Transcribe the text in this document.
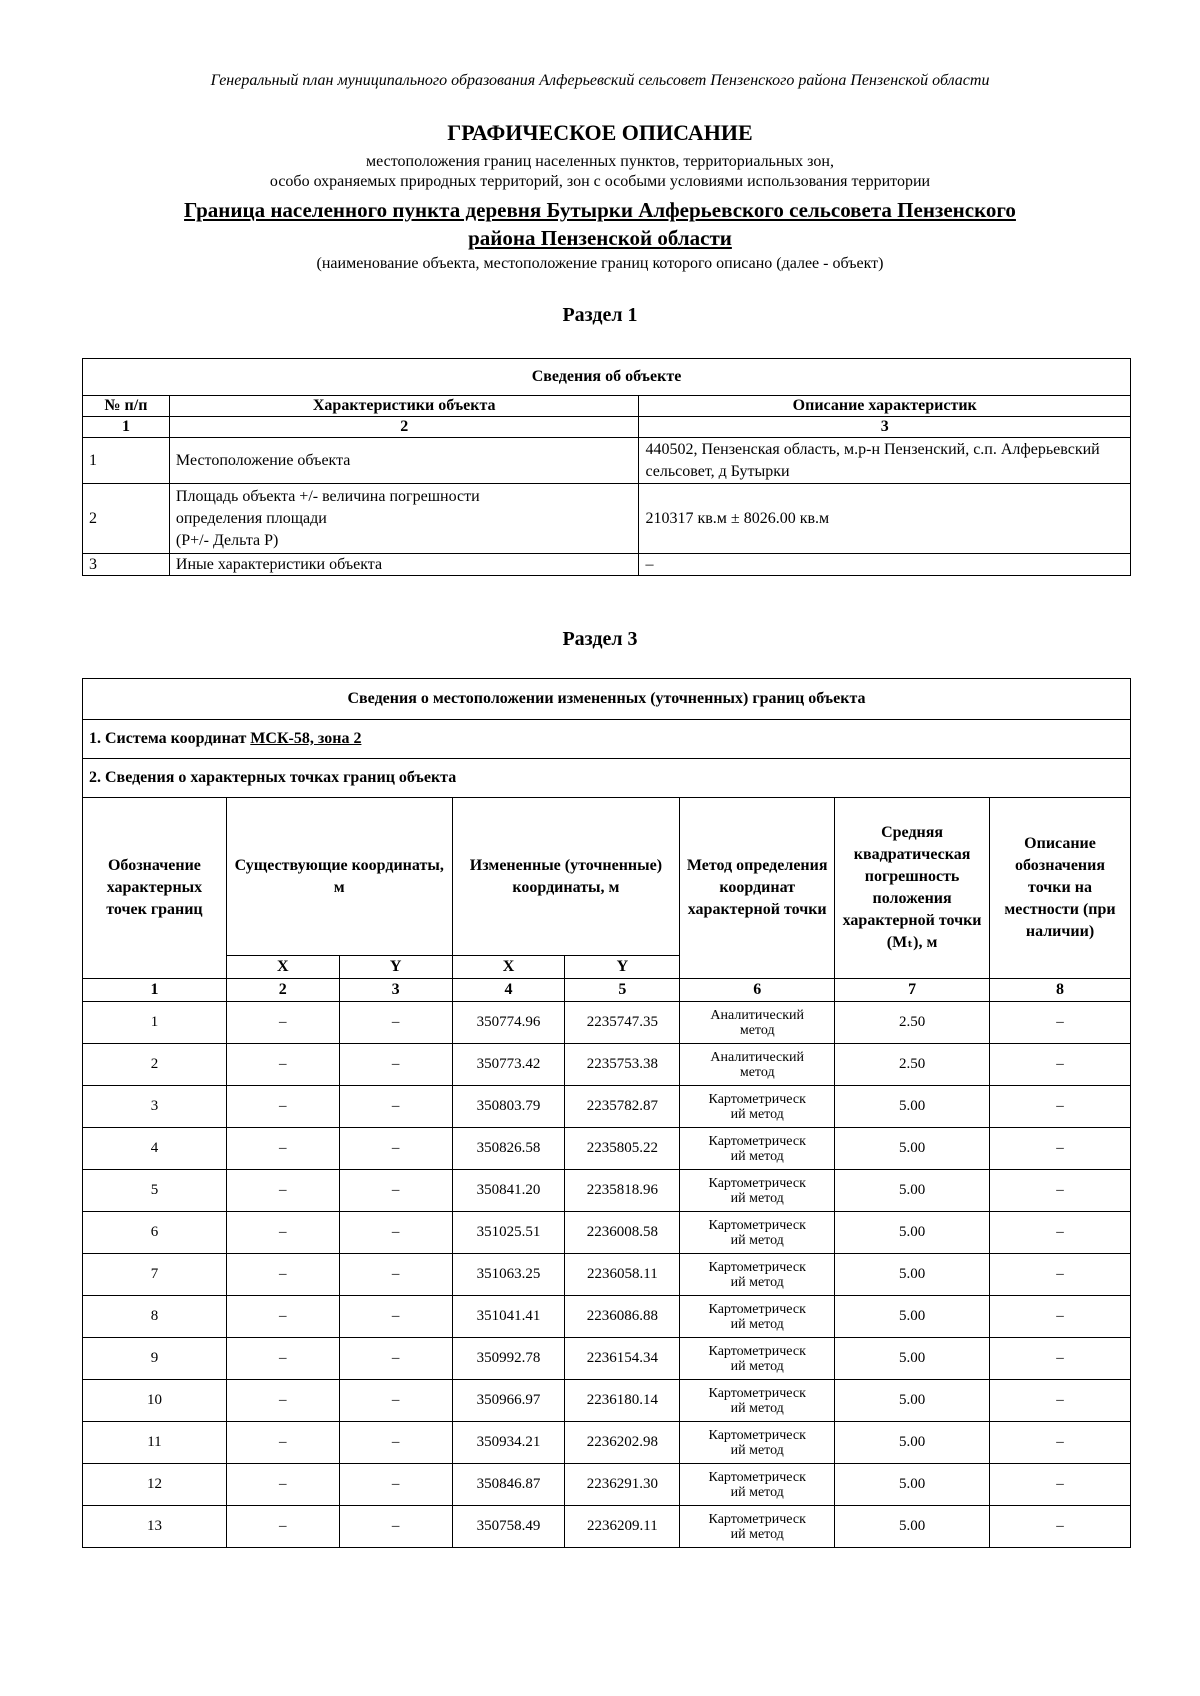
Генеральный план муниципального образования Алферьевский сельсовет Пензенского района Пензенской области
ГРАФИЧЕСКОЕ ОПИСАНИЕ
местоположения границ населенных пунктов, территориальных зон,
особо охраняемых природных территорий, зон с особыми условиями использования территории
Граница населенного пункта деревня Бутырки Алферьевского сельсовета Пензенского
района Пензенской области
(наименование объекта, местоположение границ которого описано (далее - объект)
Раздел 1
Сведения об объекте		
№ п/п	Характеристики объекта	Описание характеристик
1	2	3
1	Местоположение объекта	440502, Пензенская область, м.р-н Пензенский, с.п. Алферьевский сельсовет, д Бутырки
2	Площадь объекта +/- величина погрешности
определения площади
(P+/- Дельта P)	210317 кв.м ± 8026.00 кв.м
3	Иные характеристики объекта	–
Раздел 3
Сведения о местоположении измененных (уточненных) границ объекта							
1. Система координат МСК-58, зона 2							
2. Сведения о характерных точках границ объекта							
Обозначение характерных точек границ	Существующие координаты, м		Измененные (уточненные) координаты, м		Метод определения координат характерной точки	Средняя квадратическая погрешность положения характерной точки (Mₜ), м	Описание обозначения точки на местности (при наличии)
	X	Y	X	Y			
1	2	3	4	5	6	7	8
1	–	–	350774.96	2235747.35	Аналитический
метод	2.50	–
2	–	–	350773.42	2235753.38	Аналитический
метод	2.50	–
3	–	–	350803.79	2235782.87	Картометрическ
ий метод	5.00	–
4	–	–	350826.58	2235805.22	Картометрическ
ий метод	5.00	–
5	–	–	350841.20	2235818.96	Картометрическ
ий метод	5.00	–
6	–	–	351025.51	2236008.58	Картометрическ
ий метод	5.00	–
7	–	–	351063.25	2236058.11	Картометрическ
ий метод	5.00	–
8	–	–	351041.41	2236086.88	Картометрическ
ий метод	5.00	–
9	–	–	350992.78	2236154.34	Картометрическ
ий метод	5.00	–
10	–	–	350966.97	2236180.14	Картометрическ
ий метод	5.00	–
11	–	–	350934.21	2236202.98	Картометрическ
ий метод	5.00	–
12	–	–	350846.87	2236291.30	Картометрическ
ий метод	5.00	–
13	–	–	350758.49	2236209.11	Картометрическ
ий метод	5.00	–
